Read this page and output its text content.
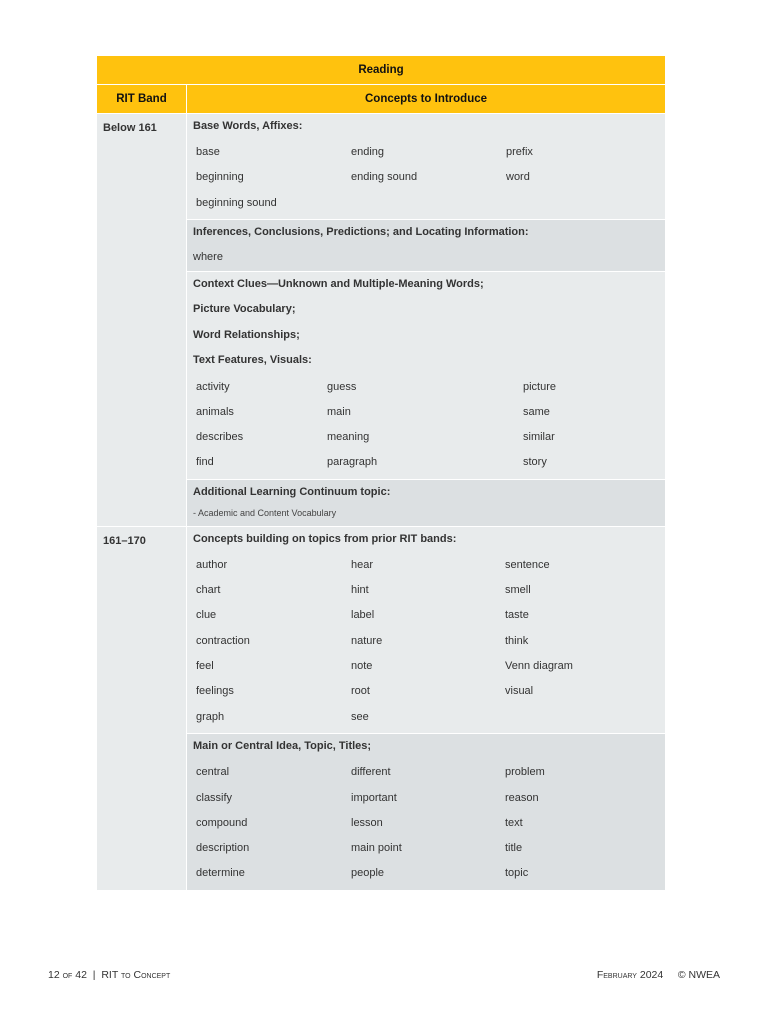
Reading
RIT Band	Concepts to Introduce
Below 161	Base Words, Affixes:
base	ending	prefix
beginning	ending sound	word
beginning sound
Inferences, Conclusions, Predictions; and Locating Information:
where
Context Clues—Unknown and Multiple-Meaning Words;
Picture Vocabulary;
Word Relationships;
Text Features, Visuals:
activity	guess	picture
animals	main	same
describes	meaning	similar
find	paragraph	story
Additional Learning Continuum topic:
- Academic and Content Vocabulary
161–170	Concepts building on topics from prior RIT bands:
author	hear	sentence
chart	hint	smell
clue	label	taste
contraction	nature	think
feel	note	Venn diagram
feelings	root	visual
graph	see
Main or Central Idea, Topic, Titles;
central	different	problem
classify	important	reason
compound	lesson	text
description	main point	title
determine	people	topic
12 of 42  |  RIT to Concept	February 2024 © NWEA
